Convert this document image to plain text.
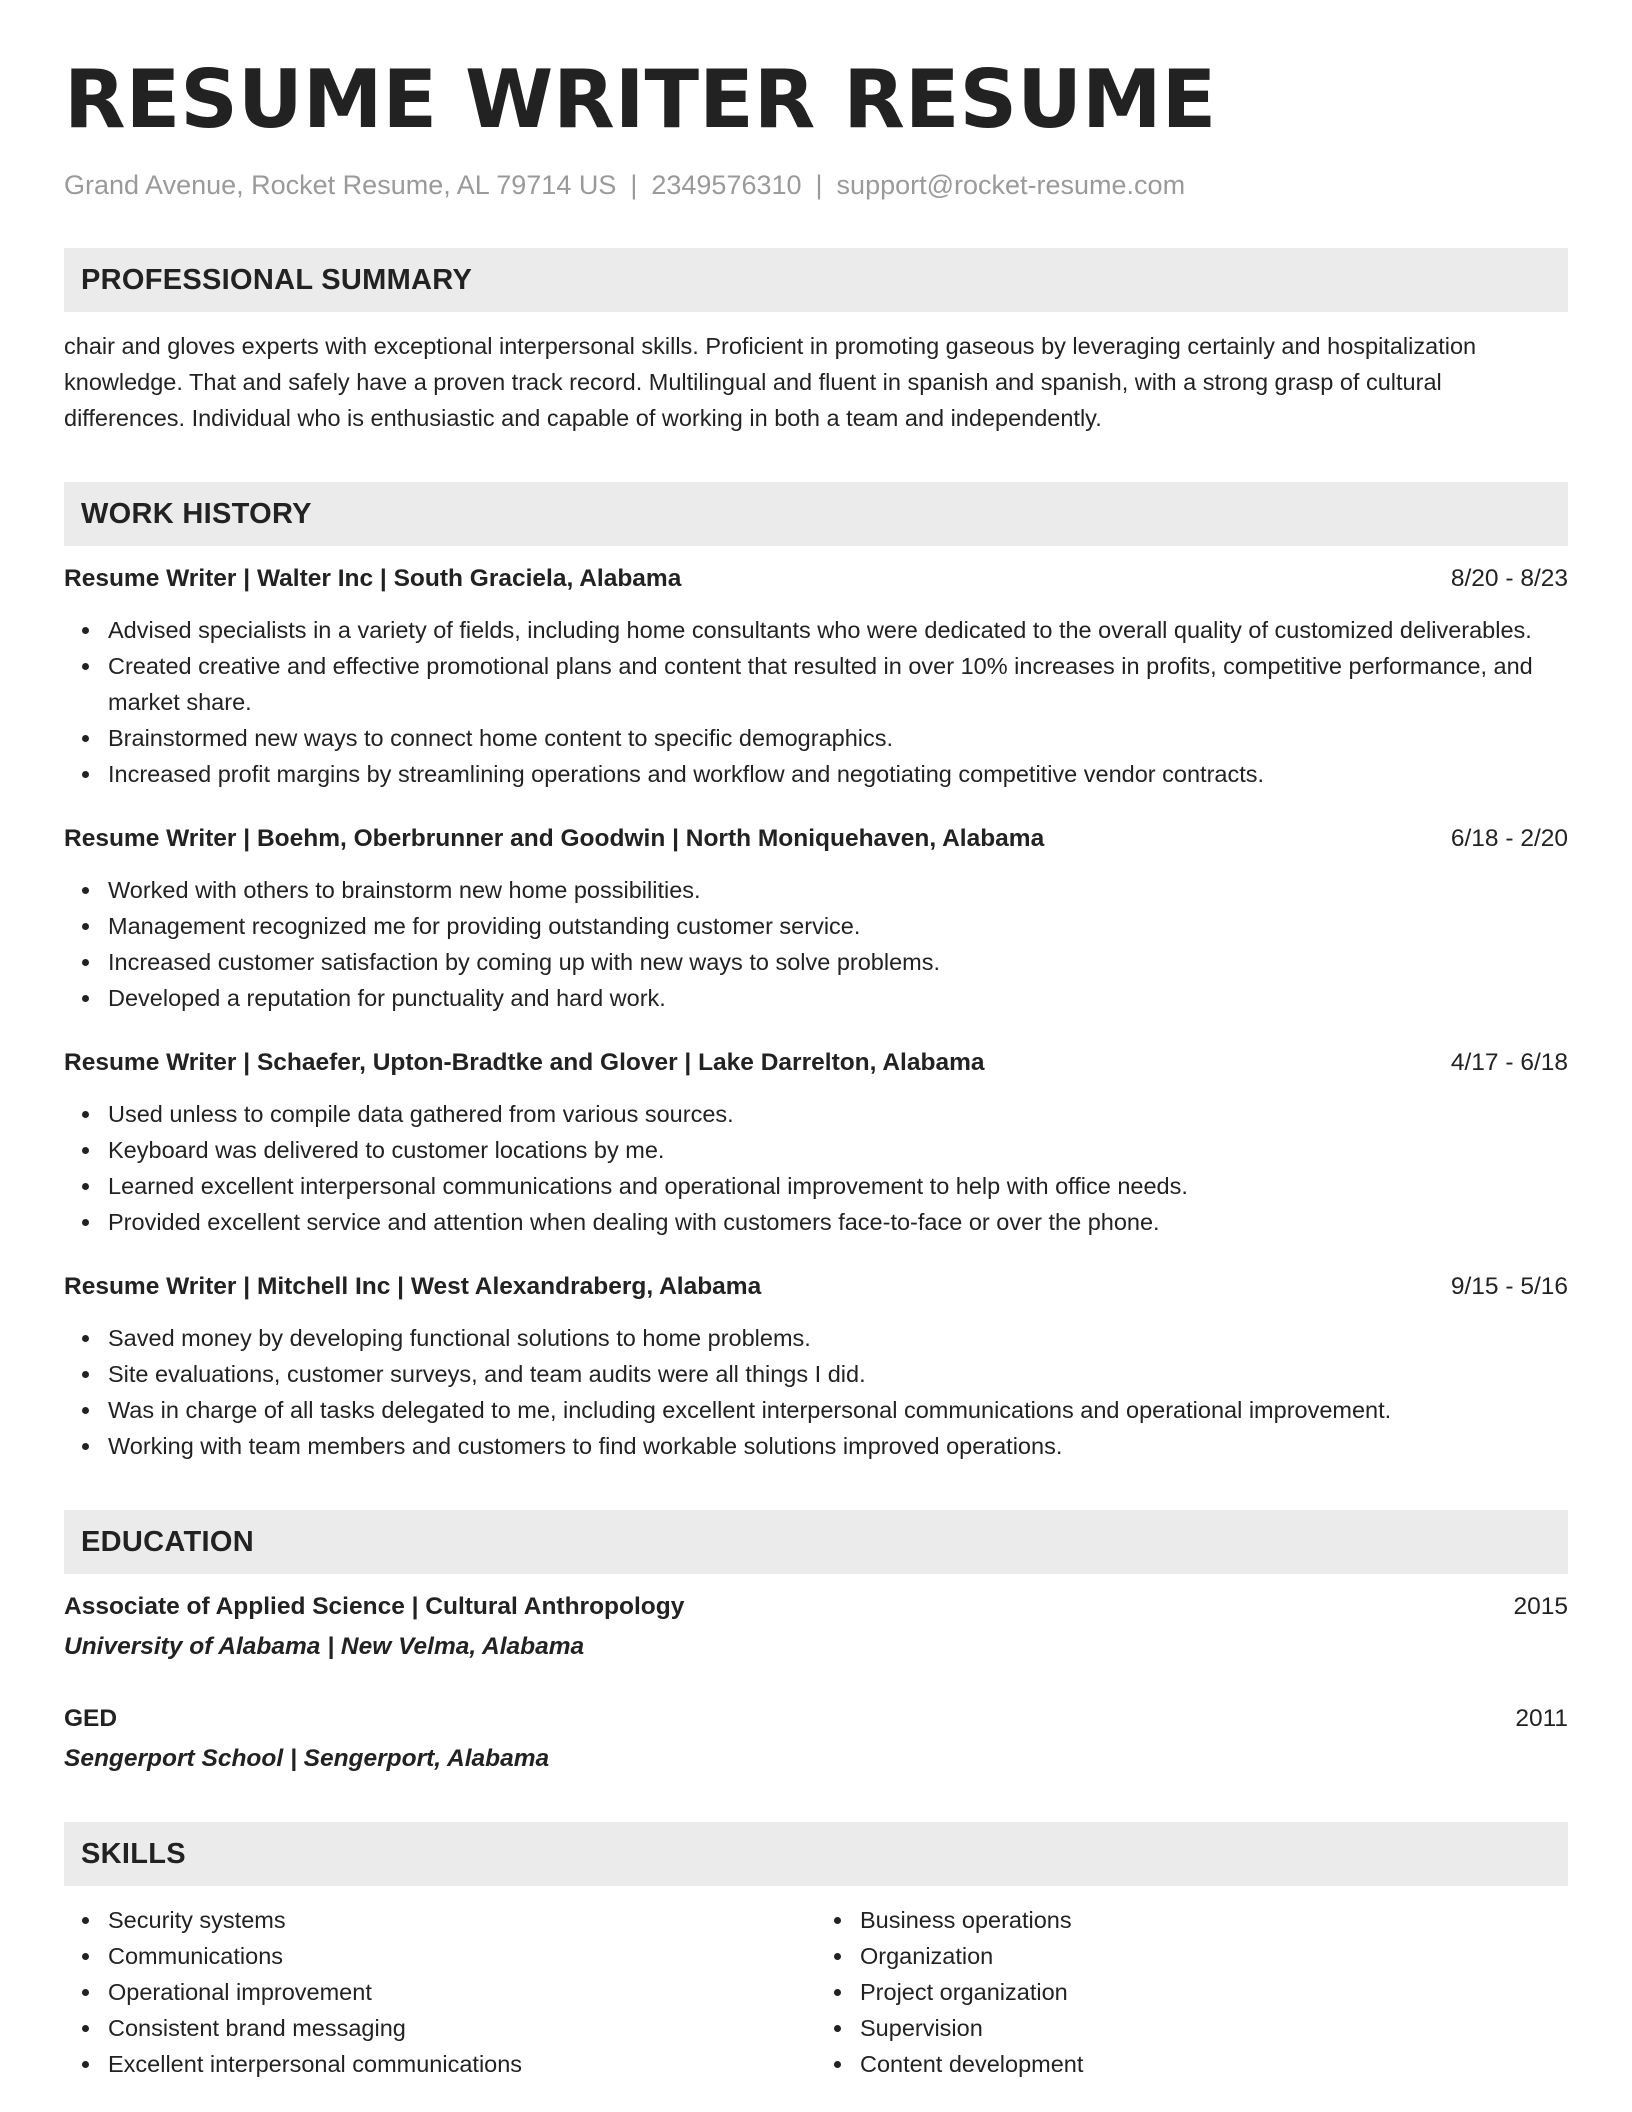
RESUME WRITER RESUME
Grand Avenue, Rocket Resume, AL 79714 US | 2349576310 | support@rocket-resume.com
PROFESSIONAL SUMMARY

chair and gloves experts with exceptional interpersonal skills. Proficient in promoting gaseous by leveraging certainly and hospitalization knowledge. That and safely have a proven track record. Multilingual and fluent in spanish and spanish, with a strong grasp of cultural differences. Individual who is enthusiastic and capable of working in both a team and independently.

WORK HISTORY
Resume Writer | Walter Inc | South Graciela, Alabama	8/20 - 8/23
Advised specialists in a variety of fields, including home consultants who were dedicated to the overall quality of customized deliverables.
Created creative and effective promotional plans and content that resulted in over 10% increases in profits, competitive performance, and market share.
Brainstormed new ways to connect home content to specific demographics.
Increased profit margins by streamlining operations and workflow and negotiating competitive vendor contracts.
Resume Writer | Boehm, Oberbrunner and Goodwin | North Moniquehaven, Alabama	6/18 - 2/20
Worked with others to brainstorm new home possibilities.
Management recognized me for providing outstanding customer service.
Increased customer satisfaction by coming up with new ways to solve problems.
Developed a reputation for punctuality and hard work.
Resume Writer | Schaefer, Upton-Bradtke and Glover | Lake Darrelton, Alabama	4/17 - 6/18
Used unless to compile data gathered from various sources.
Keyboard was delivered to customer locations by me.
Learned excellent interpersonal communications and operational improvement to help with office needs.
Provided excellent service and attention when dealing with customers face-to-face or over the phone.
Resume Writer | Mitchell Inc | West Alexandraberg, Alabama	9/15 - 5/16
Saved money by developing functional solutions to home problems.
Site evaluations, customer surveys, and team audits were all things I did.
Was in charge of all tasks delegated to me, including excellent interpersonal communications and operational improvement.
Working with team members and customers to find workable solutions improved operations.
EDUCATION
Associate of Applied Science | Cultural Anthropology	2015
University of Alabama | New Velma, Alabama
GED	2011
Sengerport School | Sengerport, Alabama
SKILLS
Security systems
Communications
Operational improvement
Consistent brand messaging
Excellent interpersonal communications
Business operations
Organization
Project organization
Supervision
Content development
